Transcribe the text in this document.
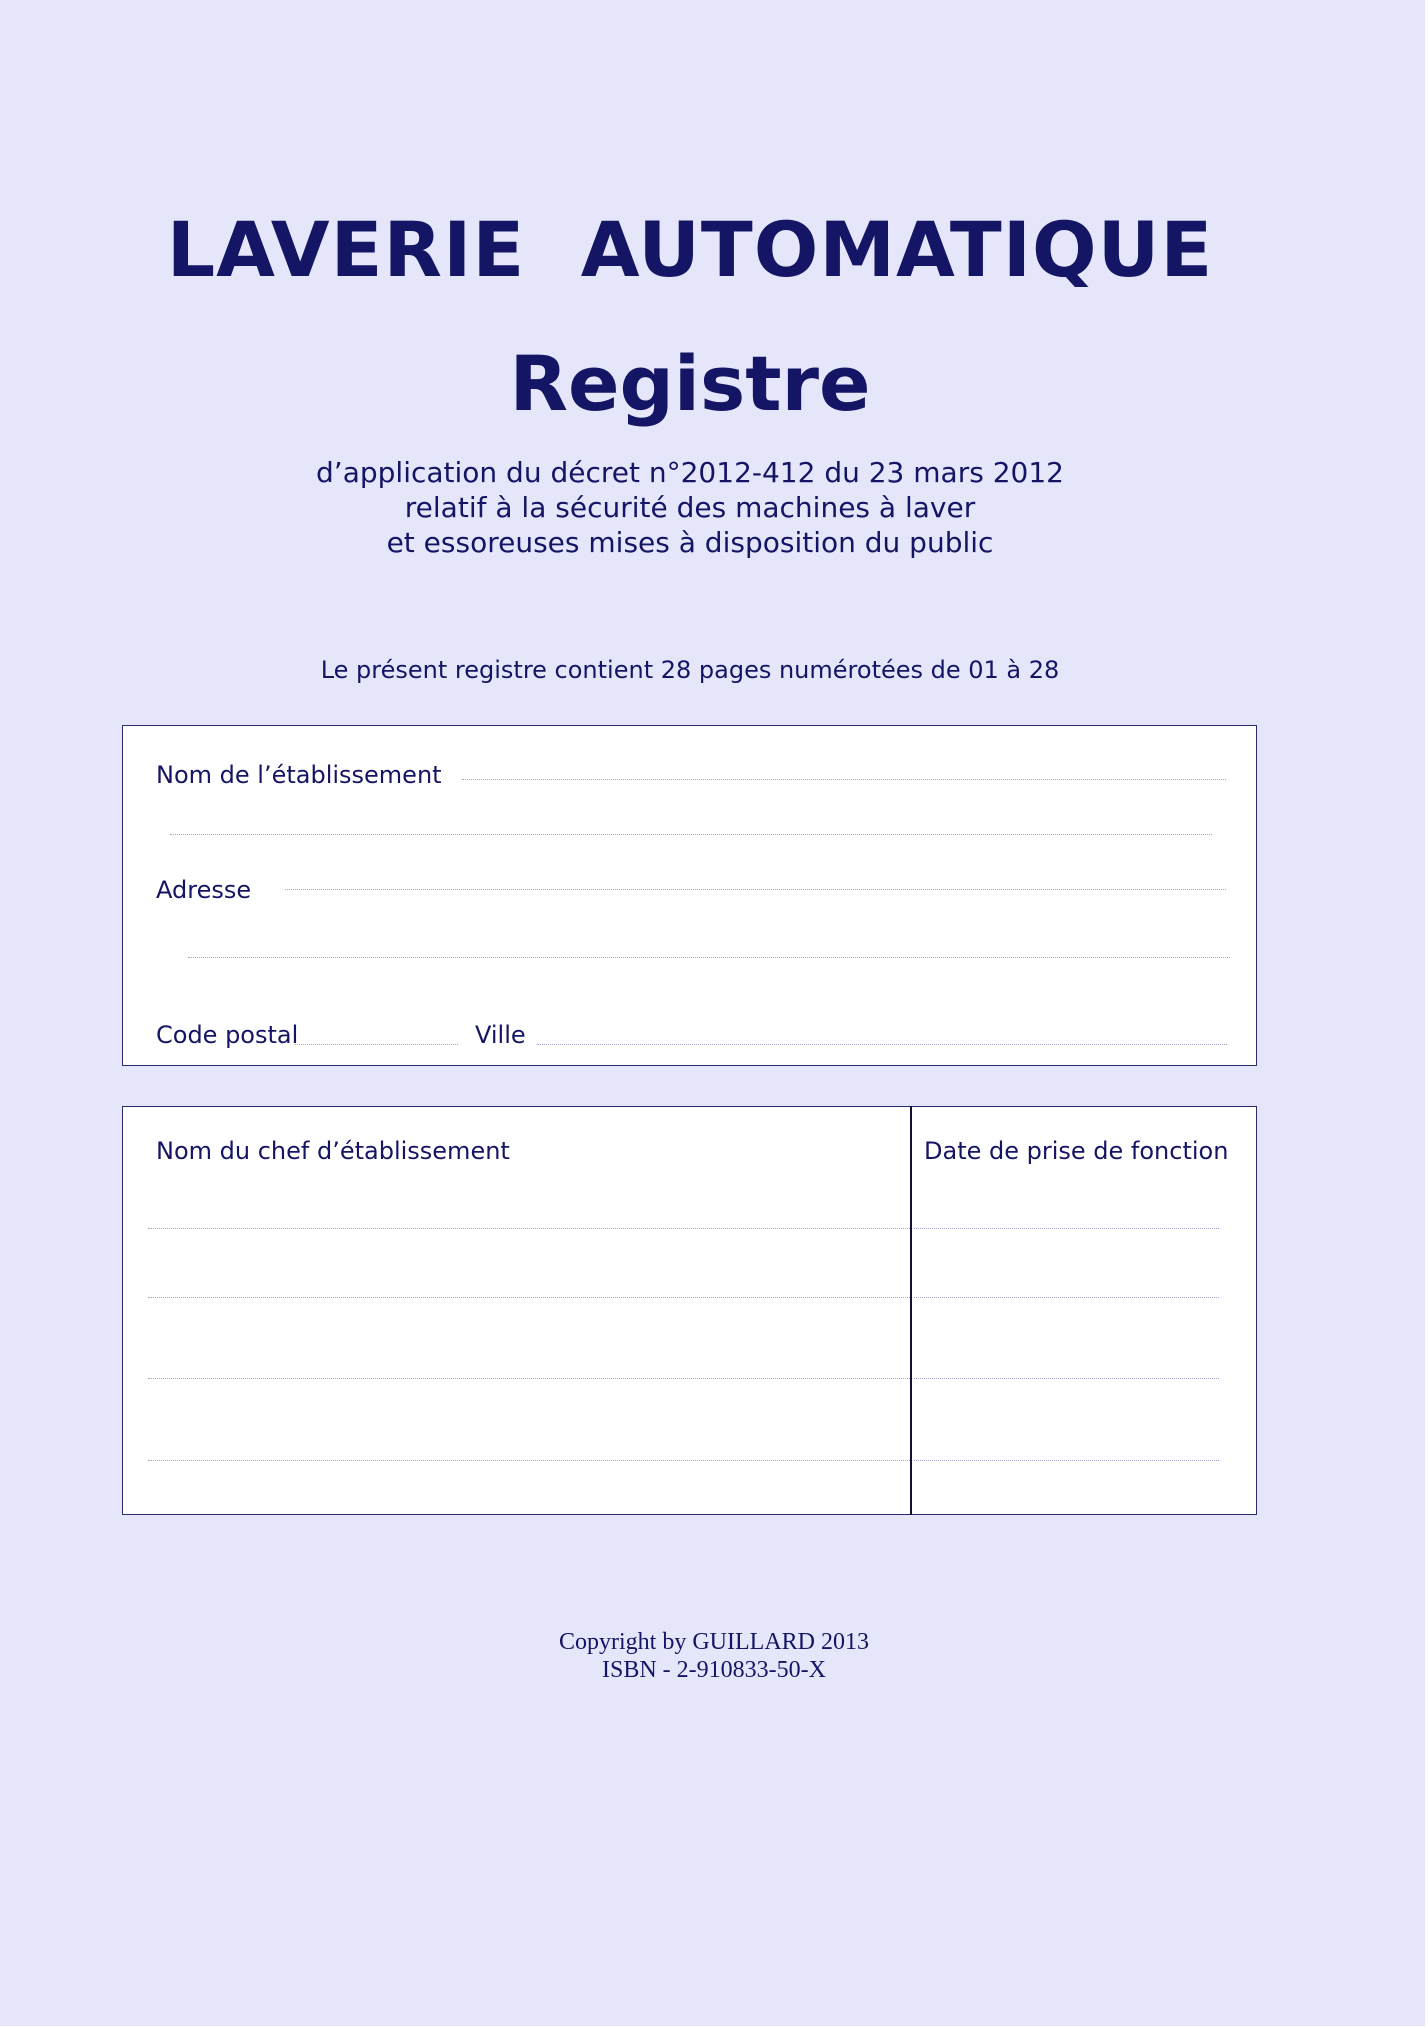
LAVERIE AUTOMATIQUE
Registre
d’application du décret n°2012-412 du 23 mars 2012
relatif à la sécurité des machines à laver
et essoreuses mises à disposition du public
Le présent registre contient 28 pages numérotées de 01 à 28
Nom de l’établissement
Adresse
Code postal	Ville
Nom du chef d’établissement	Date de prise de fonction
Copyright by GUILLARD 2013
ISBN - 2-910833-50-X
